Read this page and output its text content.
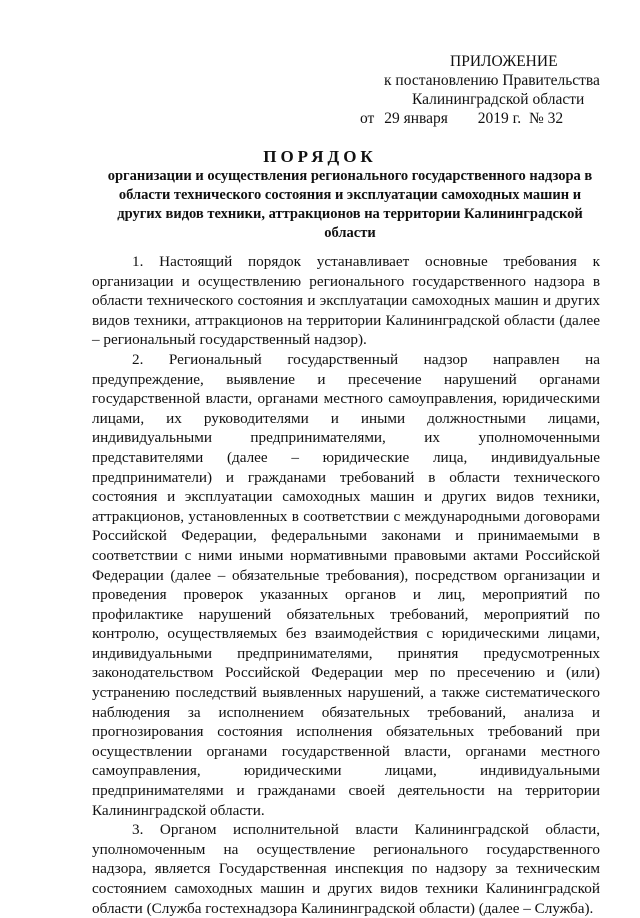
ПРИЛОЖЕНИЕ
к постановлению Правительства
Калининградской области
от 29 января 2019 г. № 32
ПОРЯДОК
организации и осуществления регионального государственного надзора в области технического состояния и эксплуатации самоходных машин и других видов техники, аттракционов на территории Калининградской области

1. Настоящий порядок устанавливает основные требования к организации и осуществлению регионального государственного надзора в области технического состояния и эксплуатации самоходных машин и других видов техники, аттракционов на территории Калининградской области (далее – региональный государственный надзор).

2. Региональный государственный надзор направлен на предупреждение, выявление и пресечение нарушений органами государственной власти, органами местного самоуправления, юридическими лицами, их руководителями и иными должностными лицами, индивидуальными предпринимателями, их уполномоченными представителями (далее – юридические лица, индивидуальные предприниматели) и гражданами требований в области технического состояния и эксплуатации самоходных машин и других видов техники, аттракционов, установленных в соответствии с международными договорами Российской Федерации, федеральными законами и принимаемыми в соответствии с ними иными нормативными правовыми актами Российской Федерации (далее – обязательные требования), посредством организации и проведения проверок указанных органов и лиц, мероприятий по профилактике нарушений обязательных требований, мероприятий по контролю, осуществляемых без взаимодействия с юридическими лицами, индивидуальными предпринимателями, принятия предусмотренных законодательством Российской Федерации мер по пресечению и (или) устранению последствий выявленных нарушений, а также систематического наблюдения за исполнением обязательных требований, анализа и прогнозирования состояния исполнения обязательных требований при осуществлении органами государственной власти, органами местного самоуправления, юридическими лицами, индивидуальными предпринимателями и гражданами своей деятельности на территории Калининградской области.

3. Органом исполнительной власти Калининградской области, уполномоченным на осуществление регионального государственного надзора, является Государственная инспекция по надзору за техническим состоянием самоходных машин и других видов техники Калининградской области (Служба гостехнадзора Калининградской области) (далее – Служба).
